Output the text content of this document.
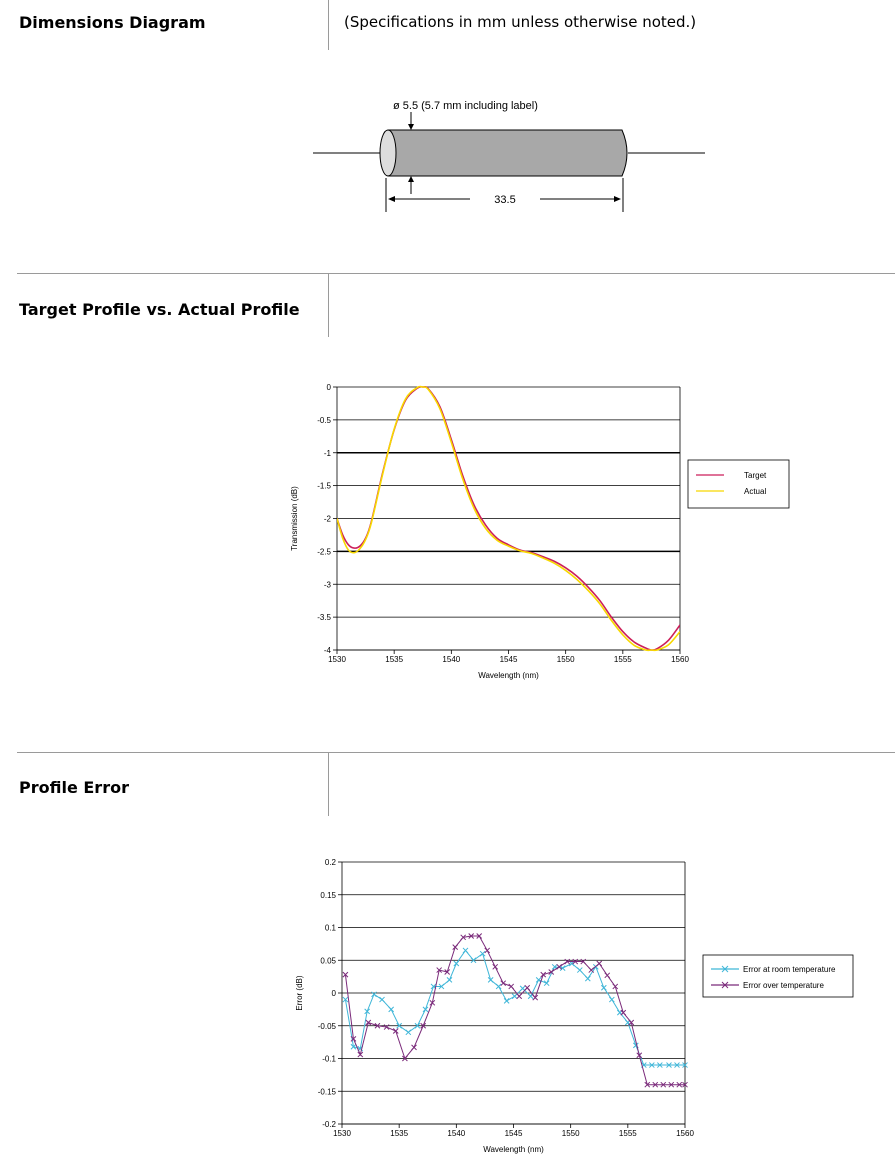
Dimensions Diagram	(Specifications in mm unless otherwise noted.)
ø 5.5 (5.7 mm including label)
33.5
Target Profile vs. Actual Profile
0
-0.5
-1
-1.5
-2
-2.5
-3
-3.5
-4
1530	1535	1540	1545	1550	1555	1560
Wavelength (nm)
Transmission (dB)
Target
Actual
Profile Error
0.2
0.15
0.1
0.05
0
-0.05
-0.1
-0.15
-0.2
1530	1535	1540	1545	1550	1555	1560
Wavelength (nm)
Error (dB)
Error at room temperature
Error over temperature
